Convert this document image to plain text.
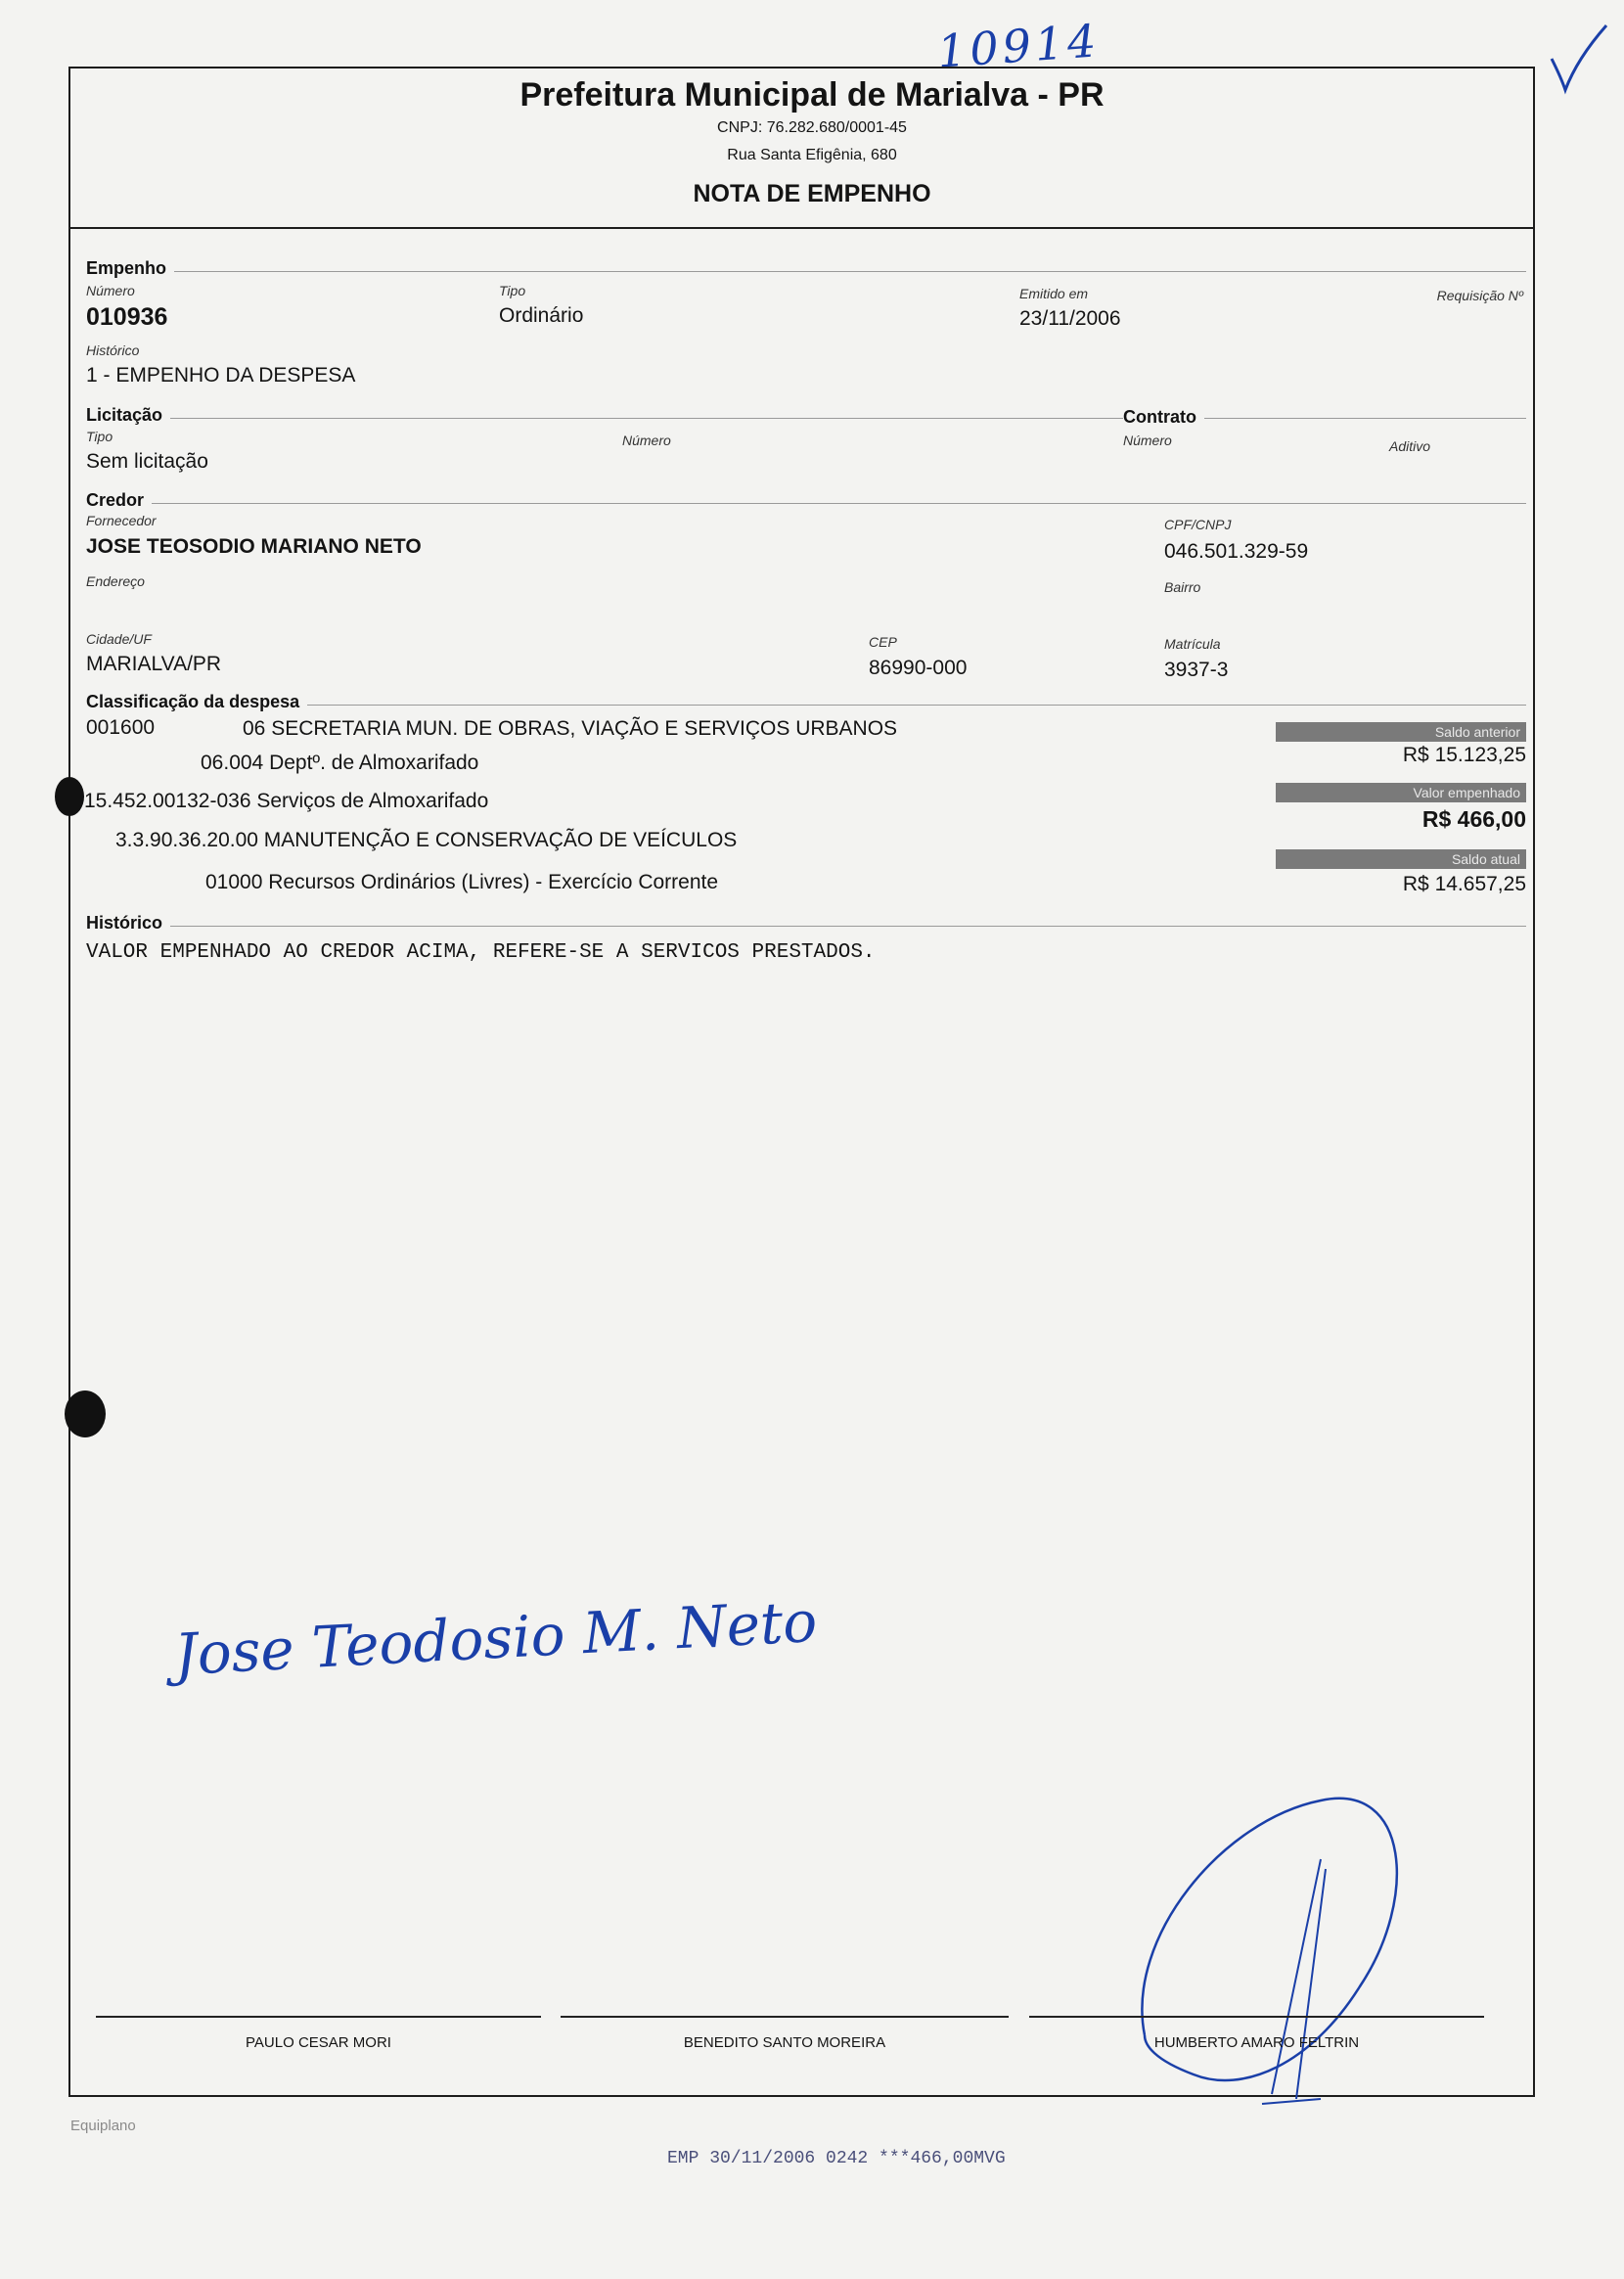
10914
Prefeitura Municipal de Marialva - PR
CNPJ: 76.282.680/0001-45
Rua Santa Efigênia, 680
NOTA DE EMPENHO
Empenho
Número
010936
Tipo
Ordinário
Emitido em
23/11/2006
Requisição Nº
Histórico
1 - EMPENHO DA DESPESA
Licitação	Contrato
Tipo
Sem licitação
Número	Número	Aditivo
Credor
Fornecedor
JOSE TEOSODIO MARIANO NETO
CPF/CNPJ
046.501.329-59
Endereço	Bairro
Cidade/UF
MARIALVA/PR
CEP
86990-000
Matrícula
3937-3
Classificação da despesa
001600	06 SECRETARIA MUN. DE OBRAS, VIAÇÃO E SERVIÇOS URBANOS
06.004 Deptº. de Almoxarifado
15.452.00132-036 Serviços de Almoxarifado
3.3.90.36.20.00 MANUTENÇÃO E CONSERVAÇÃO DE VEÍCULOS
01000 Recursos Ordinários (Livres) - Exercício Corrente
Saldo anterior
R$ 15.123,25
Valor empenhado
R$ 466,00
Saldo atual
R$ 14.657,25
Histórico
VALOR EMPENHADO AO CREDOR ACIMA, REFERE-SE A SERVICOS PRESTADOS.
Jose Teodosio M. Neto
PAULO CESAR MORI	BENEDITO SANTO MOREIRA	HUMBERTO AMARO FELTRIN
Equiplano
EMP 30/11/2006 0242 ***466,00MVG
